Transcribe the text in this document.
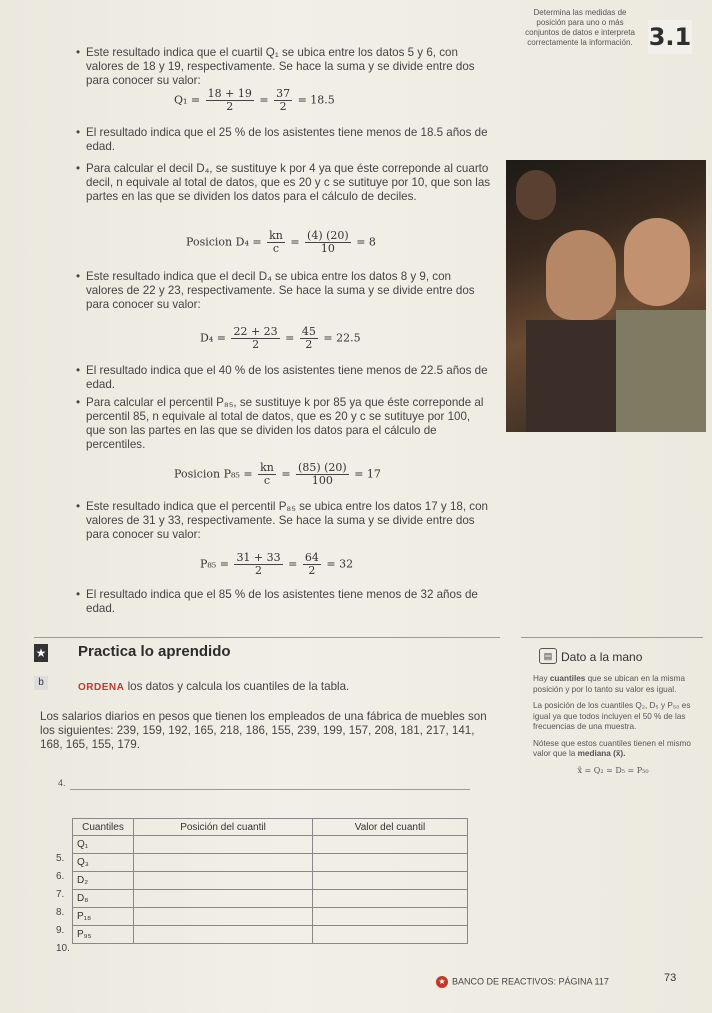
Determina las medidas de posición para uno o más conjuntos de datos e interpreta correctamente la información. 3.1

• Este resultado indica que el cuartil Q₁ se ubica entre los datos 5 y 6, con valores de 18 y 19, respectivamente. Se hace la suma y se divide entre dos para conocer su valor:

$Q_1 = \frac{18 + 19}{2} = \frac{37}{2} = 18.5$

• El resultado indica que el 25 % de los asistentes tiene menos de 18.5 años de edad.

• Para calcular el decil D₄, se sustituye k por 4 ya que éste correponde al cuarto decil, n equivale al total de datos, que es 20 y c se sutituye por 10, que son las partes en las que se dividen los datos para el cálculo de deciles.

Posicion $D_4 = \frac{kn}{c} = \frac{(4) (20)}{10} = 8$

• Este resultado indica que el decil D₄ se ubica entre los datos 8 y 9, con valores de 22 y 23, respectivamente. Se hace la suma y se divide entre dos para conocer su valor:

$D_4 = \frac{22 + 23}{2} = \frac{45}{2} = 22.5$

• El resultado indica que el 40 % de los asistentes tiene menos de 22.5 años de edad.

• Para calcular el percentil P₈₅, se sustituye k por 85 ya que éste correponde al percentil 85, n equivale al total de datos, que es 20 y c se sutituye por 100, que son las partes en las que se dividen los datos para el cálculo de percentiles.

Posicion $P_{85} = \frac{kn}{c} = \frac{(85) (20)}{100} = 17$

• Este resultado indica que el percentil P₈₅ se ubica entre los datos 17 y 18, con valores de 31 y 33, respectivamente. Se hace la suma y se divide entre dos para conocer su valor:

$P_{85} = \frac{31 + 33}{2} = \frac{64}{2} = 32$

• El resultado indica que el 85 % de los asistentes tiene menos de 32 años de edad.

★ Practica lo aprendido
b	ORDENA los datos y calcula los cuantiles de la tabla.
Los salarios diarios en pesos que tienen los empleados de una fábrica de muebles son los siguientes: 239, 159, 192, 165, 218, 186, 155, 239, 199, 157, 208, 181, 217, 141, 168, 165, 155, 179.
4.
5.
6.
7.
8.
9.
10.
Cuantiles	Posición del cuantil	Valor del cuantil
Q₁		
Q₃		
D₂		
D₈		
P₁₈		
P₉₅		
▤ Dato a la mano
Hay cuantiles que se ubican en la misma posición y por lo tanto su valor es igual.
La posición de los cuantiles Q₂, D₅ y P₅₀ es igual ya que todos incluyen el 50 % de las frecuencias de una muestra.
Nótese que estos cuantiles tienen el mismo valor que la mediana (x̃).
x̃ = Q₂ = D₅ = P₅₀
★ BANCO DE REACTIVOS: PÁGINA 117	73
